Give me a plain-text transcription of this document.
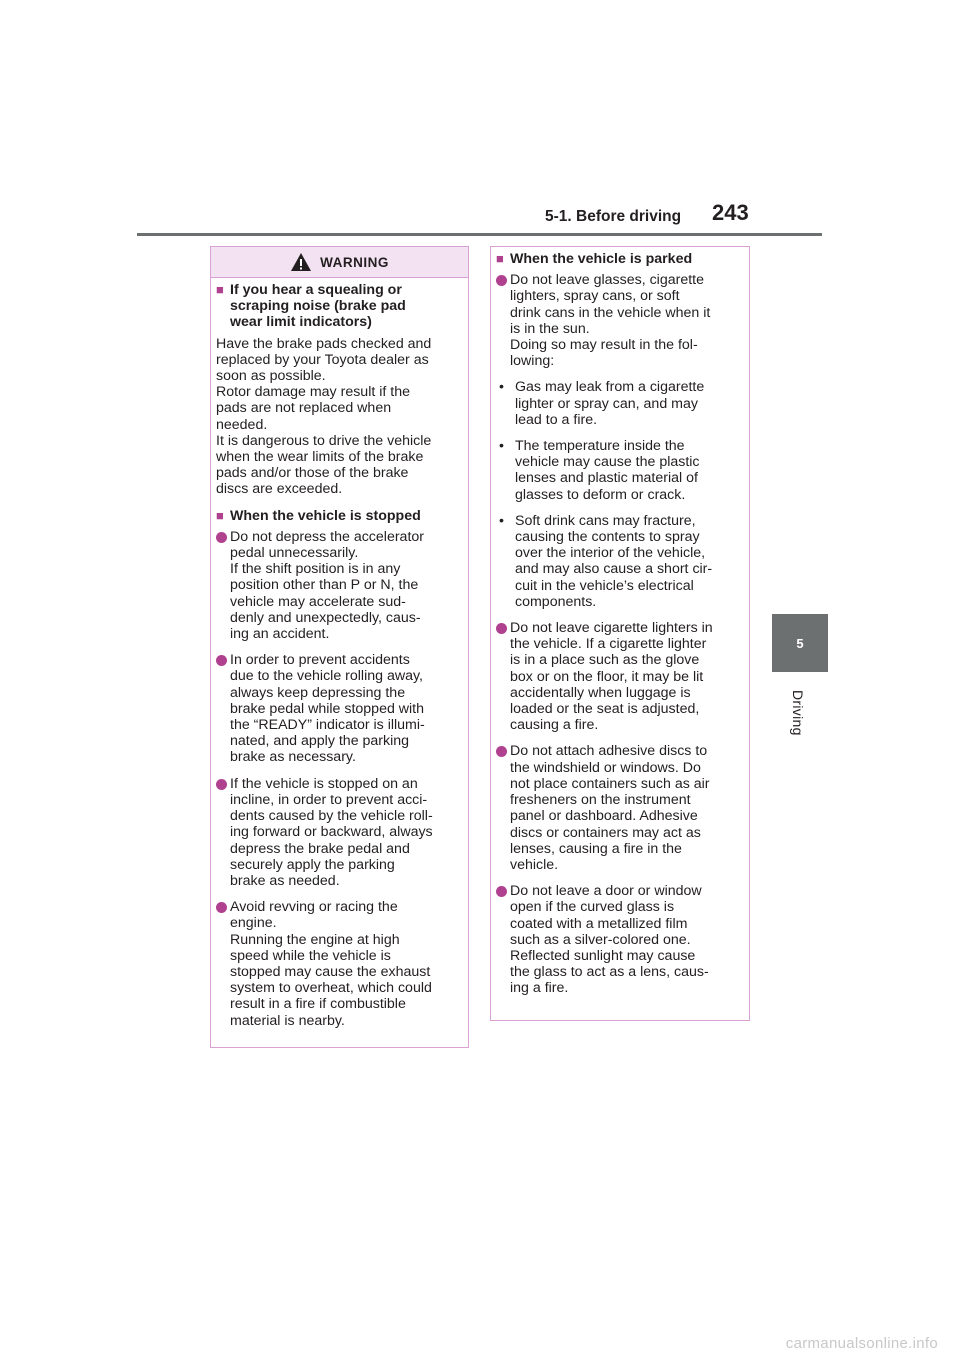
5-1. Before driving 243
5
Driving
WARNING
■ If you hear a squealing or
scraping noise (brake pad
wear limit indicators)
Have the brake pads checked and
replaced by your Toyota dealer as
soon as possible.
Rotor damage may result if the
pads are not replaced when
needed.
It is dangerous to drive the vehicle
when the wear limits of the brake
pads and/or those of the brake
discs are exceeded.
■ When the vehicle is stopped
Do not depress the accelerator
pedal unnecessarily.
If the shift position is in any
position other than P or N, the
vehicle may accelerate sud-
denly and unexpectedly, caus-
ing an accident.
In order to prevent accidents
due to the vehicle rolling away,
always keep depressing the
brake pedal while stopped with
the “READY” indicator is illumi-
nated, and apply the parking
brake as necessary.
If the vehicle is stopped on an
incline, in order to prevent acci-
dents caused by the vehicle roll-
ing forward or backward, always
depress the brake pedal and
securely apply the parking
brake as needed.
Avoid revving or racing the
engine.
Running the engine at high
speed while the vehicle is
stopped may cause the exhaust
system to overheat, which could
result in a fire if combustible
material is nearby.
■ When the vehicle is parked
Do not leave glasses, cigarette
lighters, spray cans, or soft
drink cans in the vehicle when it
is in the sun.
Doing so may result in the fol-
lowing:
• Gas may leak from a cigarette
lighter or spray can, and may
lead to a fire.
• The temperature inside the
vehicle may cause the plastic
lenses and plastic material of
glasses to deform or crack.
• Soft drink cans may fracture,
causing the contents to spray
over the interior of the vehicle,
and may also cause a short cir-
cuit in the vehicle’s electrical
components.
Do not leave cigarette lighters in
the vehicle. If a cigarette lighter
is in a place such as the glove
box or on the floor, it may be lit
accidentally when luggage is
loaded or the seat is adjusted,
causing a fire.
Do not attach adhesive discs to
the windshield or windows. Do
not place containers such as air
fresheners on the instrument
panel or dashboard. Adhesive
discs or containers may act as
lenses, causing a fire in the
vehicle.
Do not leave a door or window
open if the curved glass is
coated with a metallized film
such as a silver-colored one.
Reflected sunlight may cause
the glass to act as a lens, caus-
ing a fire.
carmanualsonline.info
